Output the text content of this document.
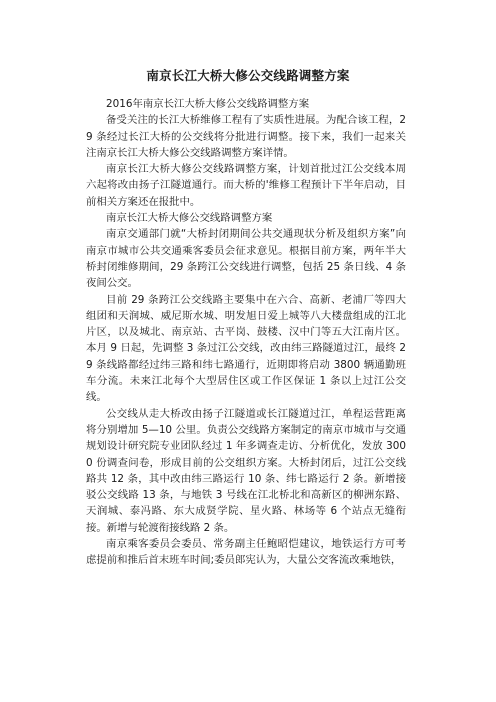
南京长江大桥大修公交线路调整方案

2016年南京长江大桥大修公交线路调整方案

备受关注的长江大桥维修工程有了实质性进展。为配合该工程，29 条经过长江大桥的公交线将分批进行调整。接下来，我们一起来关注南京长江大桥大修公交线路调整方案详情。

南京长江大桥大修公交线路调整方案，计划首批过江公交线本周六起将改由扬子江隧道通行。而大桥的'维修工程预计下半年启动，目前相关方案还在报批中。

南京长江大桥大修公交线路调整方案

南京交通部门就“大桥封闭期间公共交通现状分析及组织方案”向南京市城市公共交通乘客委员会征求意见。根据目前方案，两年半大桥封闭维修期间，29 条跨江公交线进行调整，包括 25 条日线、4 条夜间公交。

目前 29 条跨江公交线路主要集中在六合、高新、老浦厂等四大组团和天润城、威尼斯水城、明发旭日爱上城等八大楼盘组成的江北片区，以及城北、南京站、古平岗、鼓楼、汉中门等五大江南片区。本月 9 日起，先调整 3 条过江公交线，改由纬三路隧道过江，最终 29 条线路都经过纬三路和纬七路通行，近期即将启动 3800 辆通勤班车分流。未来江北每个大型居住区或工作区保证 1 条以上过江公交线。

公交线从走大桥改由扬子江隧道或长江隧道过江，单程运营距离将分别增加 5—10 公里。负责公交线路方案制定的南京市城市与交通规划设计研究院专业团队经过 1 年多调查走访、分析优化，发放 3000 份调查问卷，形成目前的公交组织方案。大桥封闭后，过江公交线路共 12 条，其中改由纬三路运行 10 条、纬七路运行 2 条。新增接驳公交线路 13 条，与地铁 3 号线在江北桥北和高新区的柳洲东路、天润城、泰冯路、东大成贤学院、星火路、林场等 6 个站点无缝衔接。新增与轮渡衔接线路 2 条。

南京乘客委员会委员、常务副主任鲍昭恺建议，地铁运行方可考虑提前和推后首末班车时间;委员郎宪认为，大量公交客流改乘地铁，
